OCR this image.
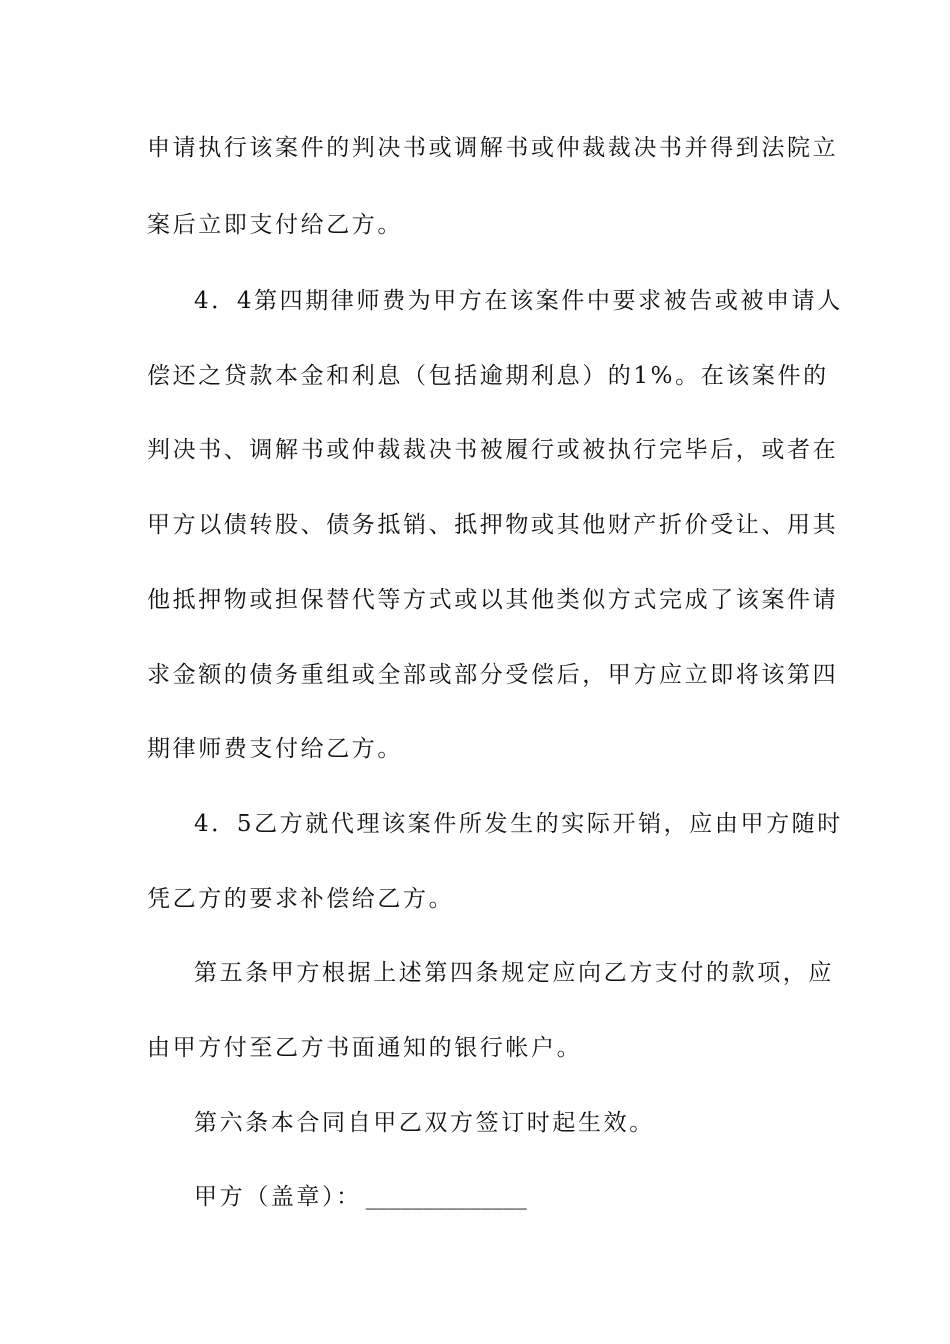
申请执行该案件的判决书或调解书或仲裁裁决书并得到法院立
案后立即支付给乙方。
4．4第四期律师费为甲方在该案件中要求被告或被申请人
偿还之贷款本金和利息（包括逾期利息）的1%。在该案件的
判决书、调解书或仲裁裁决书被履行或被执行完毕后，或者在
甲方以债转股、债务抵销、抵押物或其他财产折价受让、用其
他抵押物或担保替代等方式或以其他类似方式完成了该案件请
求金额的债务重组或全部或部分受偿后，甲方应立即将该第四
期律师费支付给乙方。
4．5乙方就代理该案件所发生的实际开销，应由甲方随时
凭乙方的要求补偿给乙方。
第五条甲方根据上述第四条规定应向乙方支付的款项，应
由甲方付至乙方书面通知的银行帐户。
第六条本合同自甲乙双方签订时起生效。
甲方（盖章）： ______________
